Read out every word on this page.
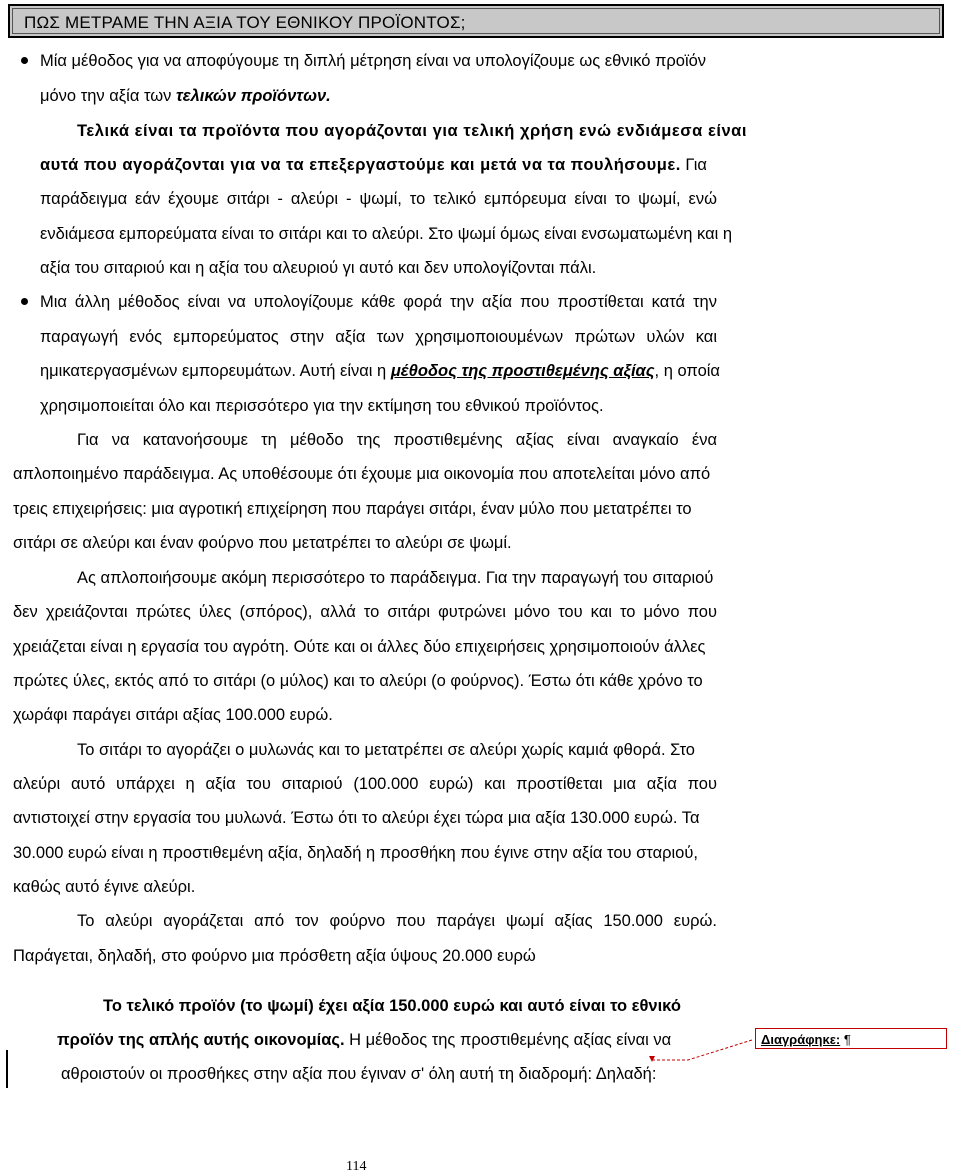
ΠΩΣ ΜΕΤΡΑΜΕ ΤΗΝ ΑΞΙΑ ΤΟΥ ΕΘΝΙΚΟΥ ΠΡΟΪΟΝΤΟΣ;
Μία μέθοδος για να αποφύγουμε τη διπλή μέτρηση είναι να υπολογίζουμε ως εθνικό προϊόν
μόνο την αξία των τελικών προϊόντων.
Τελικά είναι τα προϊόντα που αγοράζονται για τελική χρήση ενώ ενδιάμεσα είναι
αυτά που αγοράζονται για να τα επεξεργαστούμε και μετά να τα πουλήσουμε. Για
παράδειγμα εάν έχουμε σιτάρι - αλεύρι - ψωμί, το τελικό εμπόρευμα είναι το ψωμί, ενώ
ενδιάμεσα εμπορεύματα είναι το σιτάρι και το αλεύρι. Στο ψωμί όμως είναι ενσωματωμένη και η
αξία του σιταριού και η αξία του αλευριού γι αυτό και δεν υπολογίζονται πάλι.
Μια άλλη μέθοδος είναι να υπολογίζουμε κάθε φορά την αξία που προστίθεται κατά την
παραγωγή ενός εμπορεύματος στην αξία των χρησιμοποιουμένων πρώτων υλών και
ημικατεργασμένων εμπορευμάτων. Αυτή είναι η μέθοδος της προστιθεμένης αξίας, η οποία
χρησιμοποιείται όλο και περισσότερο για την εκτίμηση του εθνικού προϊόντος.
Για να κατανοήσουμε τη μέθοδο της προστιθεμένης αξίας είναι αναγκαίο ένα
απλοποιημένο παράδειγμα. Ας υποθέσουμε ότι έχουμε μια οικονομία που αποτελείται μόνο από
τρεις επιχειρήσεις: μια αγροτική επιχείρηση που παράγει σιτάρι, έναν μύλο που μετατρέπει το
σιτάρι σε αλεύρι και έναν φούρνο που μετατρέπει το αλεύρι σε ψωμί.
Ας απλοποιήσουμε ακόμη περισσότερο το παράδειγμα. Για την παραγωγή του σιταριού
δεν χρειάζονται πρώτες ύλες (σπόρος), αλλά το σιτάρι φυτρώνει μόνο του και το μόνο που
χρειάζεται είναι η εργασία του αγρότη. Ούτε και οι άλλες δύο επιχειρήσεις χρησιμοποιούν άλλες
πρώτες ύλες, εκτός από το σιτάρι (ο μύλος) και το αλεύρι (ο φούρνος). Έστω ότι κάθε χρόνο το
χωράφι παράγει σιτάρι αξίας 100.000 ευρώ.
Το σιτάρι το αγοράζει ο μυλωνάς και το μετατρέπει σε αλεύρι χωρίς καμιά φθορά. Στο
αλεύρι αυτό υπάρχει η αξία του σιταριού (100.000 ευρώ) και προστίθεται μια αξία που
αντιστοιχεί στην εργασία του μυλωνά. Έστω ότι το αλεύρι έχει τώρα μια αξία 130.000 ευρώ. Τα
30.000 ευρώ είναι η προστιθεμένη αξία, δηλαδή η προσθήκη που έγινε στην αξία του σταριού,
καθώς αυτό έγινε αλεύρι.
Το αλεύρι αγοράζεται από τον φούρνο που παράγει ψωμί αξίας 150.000 ευρώ.
Παράγεται, δηλαδή, στο φούρνο μια πρόσθετη αξία ύψους 20.000 ευρώ
Το τελικό προϊόν (το ψωμί) έχει αξία 150.000 ευρώ και αυτό είναι το εθνικό
προϊόν της απλής αυτής οικονομίας. Η μέθοδος της προστιθεμένης αξίας είναι να
αθροιστούν οι προσθήκες στην αξία που έγιναν σ' όλη αυτή τη διαδρομή: Δηλαδή:
Διαγράφηκε: ¶
114
